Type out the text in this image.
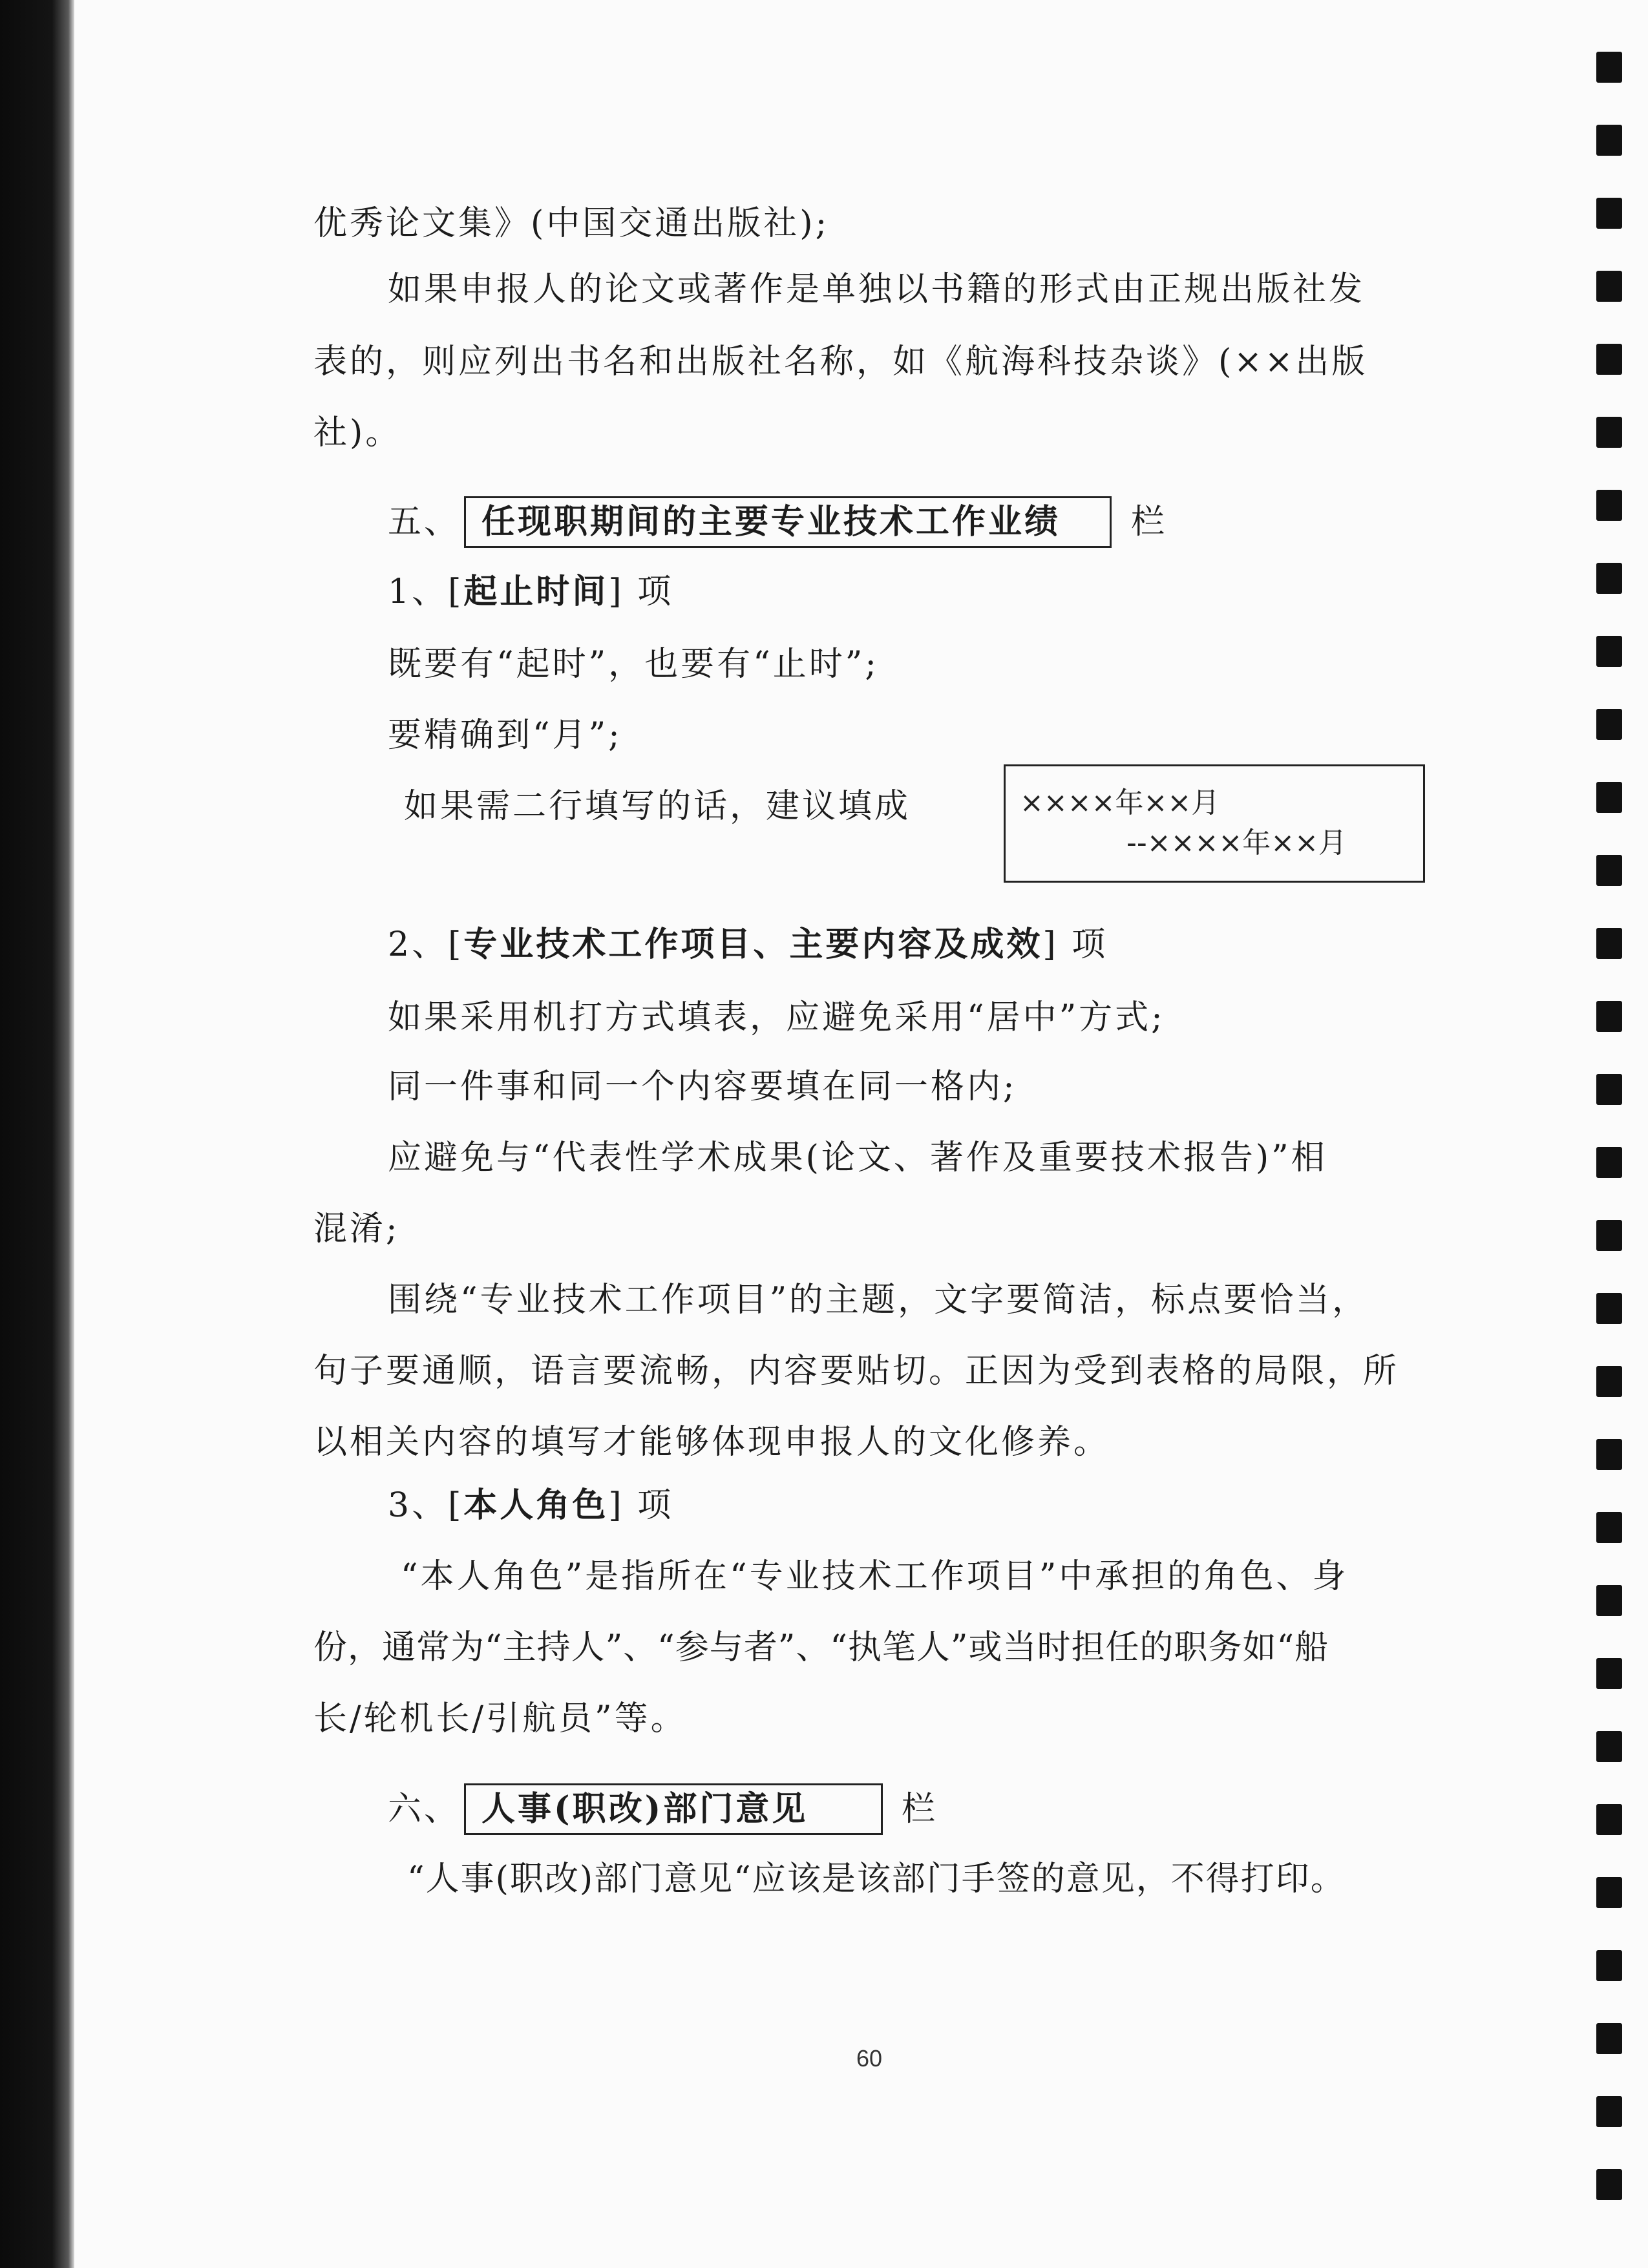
优秀论文集》(中国交通出版社);
如果申报人的论文或著作是单独以书籍的形式由正规出版社发
表的，则应列出书名和出版社名称，如《航海科技杂谈》(××出版
社)。
五、 任现职期间的主要专业技术工作业绩 栏
1、[起止时间] 项
既要有“起时”，也要有“止时”;
要精确到“月”;
如果需二行填写的话，建议填成	××××年××月
--××××年××月
2、[专业技术工作项目、主要内容及成效] 项
如果采用机打方式填表，应避免采用“居中”方式;
同一件事和同一个内容要填在同一格内;
应避免与“代表性学术成果(论文、著作及重要技术报告)”相
混淆;
围绕“专业技术工作项目”的主题，文字要简洁，标点要恰当，
句子要通顺，语言要流畅，内容要贴切。正因为受到表格的局限，所
以相关内容的填写才能够体现申报人的文化修养。
3、[本人角色] 项
“本人角色”是指所在“专业技术工作项目”中承担的角色、身
份，通常为“主持人”、“参与者”、“执笔人”或当时担任的职务如“船
长/轮机长/引航员”等。
六、 人事(职改)部门意见	栏
“人事(职改)部门意见“应该是该部门手签的意见，不得打印。
60
